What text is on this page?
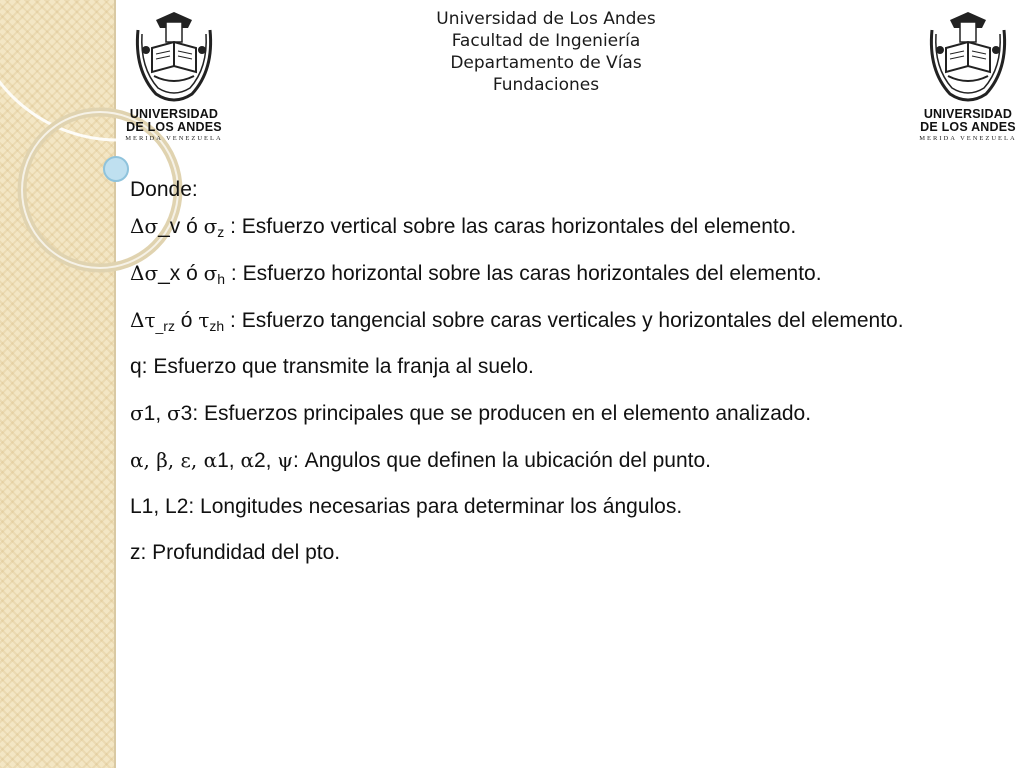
UNIVERSIDAD
DE LOS ANDES
MERIDA VENEZUELA
UNIVERSIDAD
DE LOS ANDES
MERIDA VENEZUELA
Universidad de Los Andes
Facultad de Ingeniería
Departamento de Vías
Fundaciones

Donde:

Δσ_v ó $\sigma_z$ : Esfuerzo vertical sobre las caras horizontales del elemento.

Δσ_x ó $\sigma_h$ : Esfuerzo horizontal sobre las caras horizontales del elemento.

$\Delta\tau_{\_rz}$ ó $\tau_{zh}$ : Esfuerzo tangencial sobre caras verticales y horizontales del elemento.

q: Esfuerzo que transmite la franja al suelo.

σ1, σ3: Esfuerzos principales que se producen en el elemento analizado.

α, β, ε, α1, α2, ψ: Angulos que definen la ubicación del punto.

L1, L2: Longitudes necesarias para determinar los ángulos.

z: Profundidad del pto.
